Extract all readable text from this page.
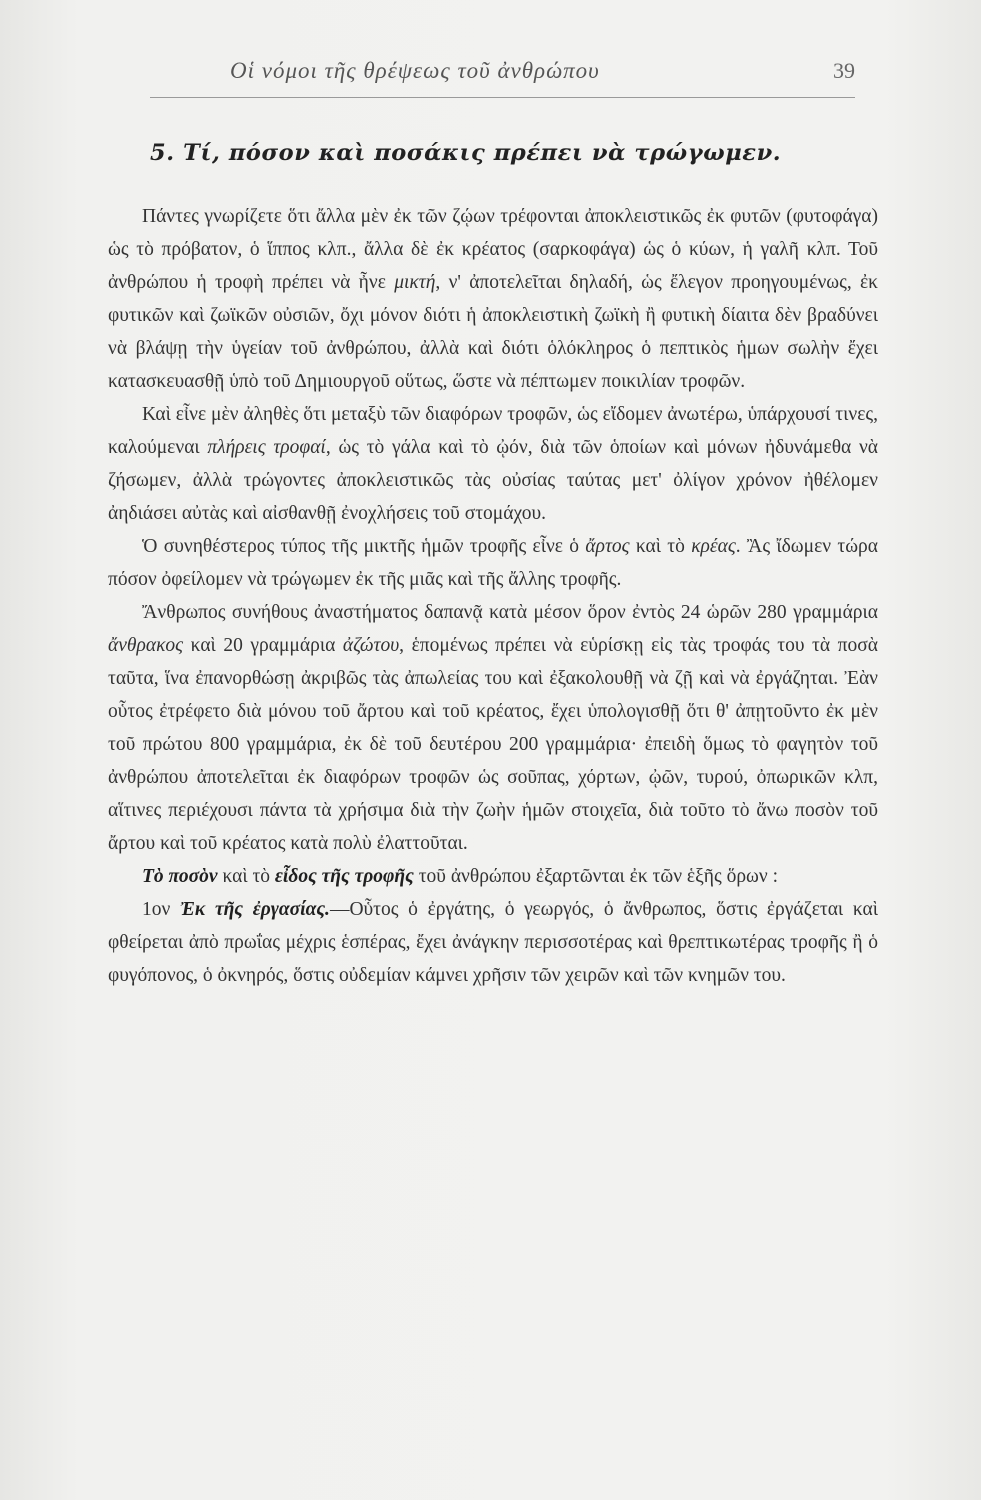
Οἱ νόμοι τῆς θρέψεως τοῦ ἀνθρώπου	39
5. Τί, πόσον καὶ ποσάκις πρέπει νὰ τρώγωμεν.

Πάντες γνωρίζετε ὅτι ἄλλα μὲν ἐκ τῶν ζῴων τρέφονται ἀποκλειστικῶς ἐκ φυτῶν (φυτοφάγα) ὡς τὸ πρόβατον, ὁ ἵππος κλπ., ἄλλα δὲ ἐκ κρέατος (σαρκοφάγα) ὡς ὁ κύων, ἡ γαλῆ κλπ. Τοῦ ἀνθρώπου ἡ τροφὴ πρέπει νὰ ἦνε μικτή, ν' ἀποτελεῖται δηλαδή, ὡς ἔλεγον προηγουμένως, ἐκ φυτικῶν καὶ ζωϊκῶν οὐσιῶν, ὄχι μόνον διότι ἡ ἀποκλειστικὴ ζωϊκὴ ἢ φυτικὴ δίαιτα δὲν βραδύνει νὰ βλάψῃ τὴν ὑγείαν τοῦ ἀνθρώπου, ἀλλὰ καὶ διότι ὁλόκληρος ὁ πεπτικὸς ἡμων σωλὴν ἔχει κατασκευασθῇ ὑπὸ τοῦ Δημιουργοῦ οὕτως, ὥστε νὰ πέπτωμεν ποικιλίαν τροφῶν.

Καὶ εἶνε μὲν ἀληθὲς ὅτι μεταξὺ τῶν διαφόρων τροφῶν, ὡς εἴδομεν ἀνωτέρω, ὑπάρχουσί τινες, καλούμεναι πλήρεις τροφαί, ὡς τὸ γάλα καὶ τὸ ᾠόν, διὰ τῶν ὁποίων καὶ μόνων ἠδυνάμεθα νὰ ζήσωμεν, ἀλλὰ τρώγοντες ἀποκλειστικῶς τὰς οὐσίας ταύτας μετ' ὀλίγον χρόνον ἠθέλομεν ἀηδιάσει αὐτὰς καὶ αἰσθανθῇ ἐνοχλήσεις τοῦ στομάχου.

Ὁ συνηθέστερος τύπος τῆς μικτῆς ἡμῶν τροφῆς εἶνε ὁ ἄρτος καὶ τὸ κρέας. Ἂς ἴδωμεν τώρα πόσον ὀφείλομεν νὰ τρώγωμεν ἐκ τῆς μιᾶς καὶ τῆς ἄλλης τροφῆς.

Ἄνθρωπος συνήθους ἀναστήματος δαπανᾷ κατὰ μέσον ὅρον ἐντὸς 24 ὡρῶν 280 γραμμάρια ἄνθρακος καὶ 20 γραμμάρια ἀζώτου, ἑπομένως πρέπει νὰ εὑρίσκῃ εἰς τὰς τροφάς του τὰ ποσὰ ταῦτα, ἵνα ἐπανορθώσῃ ἀκριβῶς τὰς ἀπωλείας του καὶ ἐξακολουθῇ νὰ ζῇ καὶ νὰ ἐργάζηται. Ἐὰν οὗτος ἐτρέφετο διὰ μόνου τοῦ ἄρτου καὶ τοῦ κρέατος, ἔχει ὑπολογισθῇ ὅτι θ' ἀπῃτοῦντο ἐκ μὲν τοῦ πρώτου 800 γραμμάρια, ἐκ δὲ τοῦ δευτέρου 200 γραμμάρια· ἐπειδὴ ὅμως τὸ φαγητὸν τοῦ ἀνθρώπου ἀποτελεῖται ἐκ διαφόρων τροφῶν ὡς σοῦπας, χόρτων, ᾠῶν, τυρού, ὀπωρικῶν κλπ, αἵτινες περιέχουσι πάντα τὰ χρήσιμα διὰ τὴν ζωὴν ἡμῶν στοιχεῖα, διὰ τοῦτο τὸ ἄνω ποσὸν τοῦ ἄρτου καὶ τοῦ κρέατος κατὰ πολὺ ἐλαττοῦται.

Τὸ ποσὸν καὶ τὸ εἶδος τῆς τροφῆς τοῦ ἀνθρώπου ἐξαρτῶνται ἐκ τῶν ἑξῆς ὅρων :

1ον Ἐκ τῆς ἐργασίας.—Οὗτος ὁ ἐργάτης, ὁ γεωργός, ὁ ἄνθρωπος, ὅστις ἐργάζεται καὶ φθείρεται ἀπὸ πρωΐας μέχρις ἑσπέρας, ἔχει ἀνάγκην περισσοτέρας καὶ θρεπτικωτέρας τροφῆς ἢ ὁ φυγόπονος, ὁ ὀκνηρός, ὅστις οὐδεμίαν κάμνει χρῆσιν τῶν χειρῶν καὶ τῶν κνημῶν του.
